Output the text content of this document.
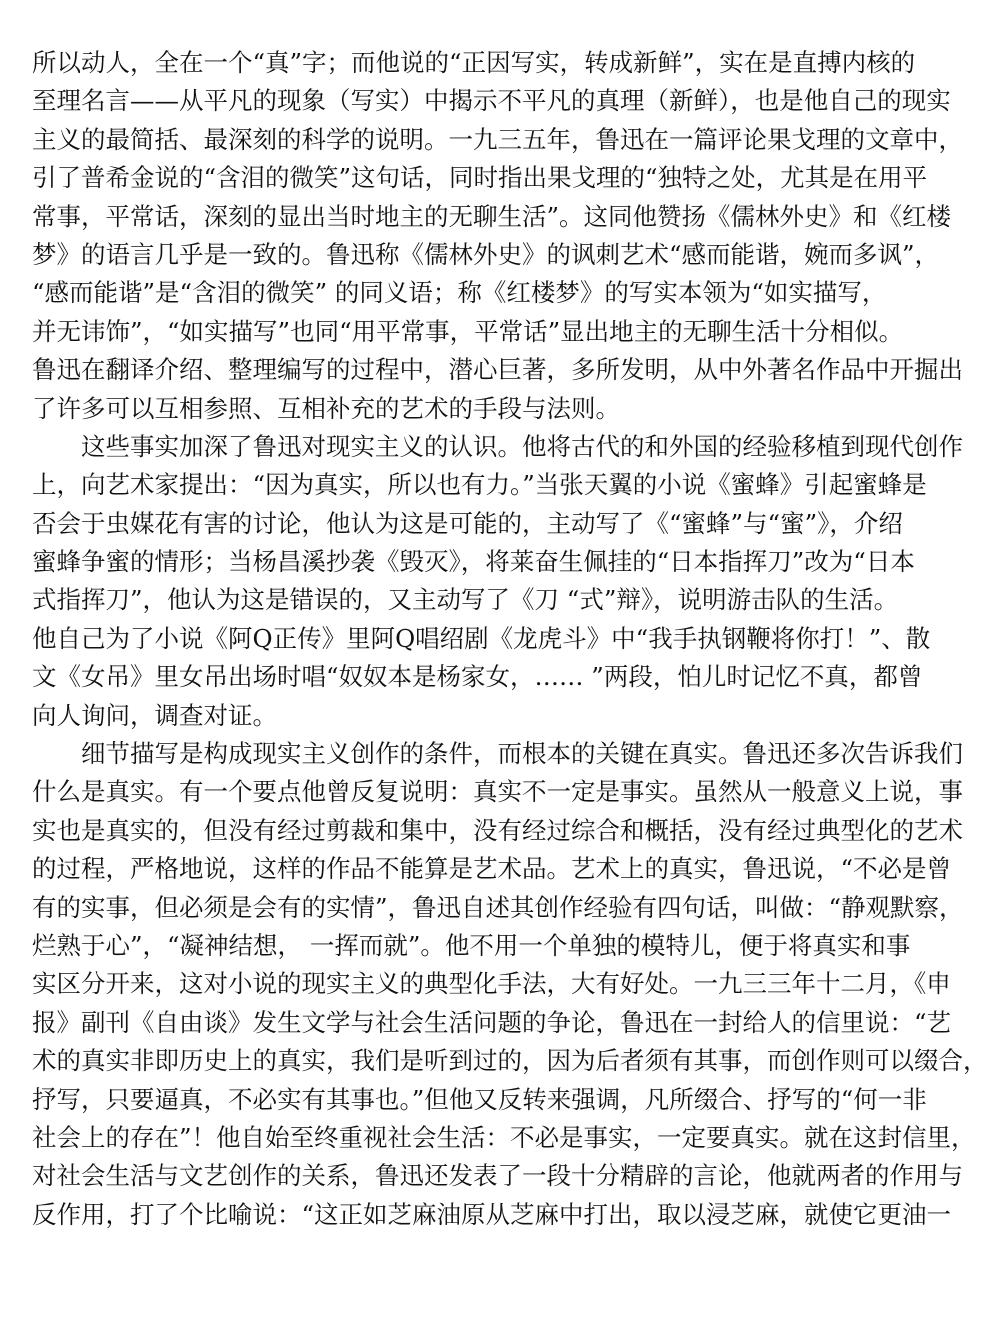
所以动人，全在一个“真”字；而他说的“正因写实，转成新鲜”，实在是直搏内核的
至理名言——从平凡的现象（写实）中揭示不平凡的真理（新鲜），也是他自己的现实
主义的最简括、最深刻的科学的说明。一九三五年，鲁迅在一篇评论果戈理的文章中，
引了普希金说的“含泪的微笑”这句话，同时指出果戈理的“独特之处，尤其是在用平
常事，平常话，深刻的显出当时地主的无聊生活”。这同他赞扬《儒林外史》和《红楼
梦》的语言几乎是一致的。鲁迅称《儒林外史》的讽刺艺术“感而能谐，婉而多讽”，
“感而能谐”是“含泪的微笑” 的同义语；称《红楼梦》的写实本领为“如实描写，
并无讳饰”，“如实描写”也同“用平常事，平常话”显出地主的无聊生活十分相似。
鲁迅在翻译介绍、整理编写的过程中，潜心巨著，多所发明，从中外著名作品中开掘出
了许多可以互相参照、互相补充的艺术的手段与法则。
　　这些事实加深了鲁迅对现实主义的认识。他将古代的和外国的经验移植到现代创作
上，向艺术家提出：“因为真实，所以也有力。”当张天翼的小说《蜜蜂》引起蜜蜂是
否会于虫媒花有害的讨论，他认为这是可能的，主动写了《“蜜蜂”与“蜜”》，介绍
蜜蜂争蜜的情形；当杨昌溪抄袭《毁灭》，将莱奋生佩挂的“日本指挥刀”改为“日本
式指挥刀”，他认为这是错误的，又主动写了《刀 “式”辩》，说明游击队的生活。
他自己为了小说《阿Q正传》里阿Q唱绍剧《龙虎斗》中“我手执钢鞭将你打！”、散
文《女吊》里女吊出场时唱“奴奴本是杨家女，…… ”两段，怕儿时记忆不真，都曾
向人询问，调查对证。
　　细节描写是构成现实主义创作的条件，而根本的关键在真实。鲁迅还多次告诉我们
什么是真实。有一个要点他曾反复说明：真实不一定是事实。虽然从一般意义上说，事
实也是真实的，但没有经过剪裁和集中，没有经过综合和概括，没有经过典型化的艺术
的过程，严格地说，这样的作品不能算是艺术品。艺术上的真实，鲁迅说，“不必是曾
有的实事，但必须是会有的实情”，鲁迅自述其创作经验有四句话，叫做：“静观默察，
烂熟于心”，“凝神结想， 一挥而就”。他不用一个单独的模特儿，便于将真实和事
实区分开来，这对小说的现实主义的典型化手法，大有好处。一九三三年十二月，《申
报》副刊《自由谈》发生文学与社会生活问题的争论，鲁迅在一封给人的信里说：“艺
术的真实非即历史上的真实，我们是听到过的，因为后者须有其事，而创作则可以缀合，
抒写，只要逼真，不必实有其事也。”但他又反转来强调，凡所缀合、抒写的“何一非
社会上的存在”！他自始至终重视社会生活：不必是事实，一定要真实。就在这封信里，
对社会生活与文艺创作的关系，鲁迅还发表了一段十分精辟的言论，他就两者的作用与
反作用，打了个比喻说：“这正如芝麻油原从芝麻中打出，取以浸芝麻，就使它更油一
